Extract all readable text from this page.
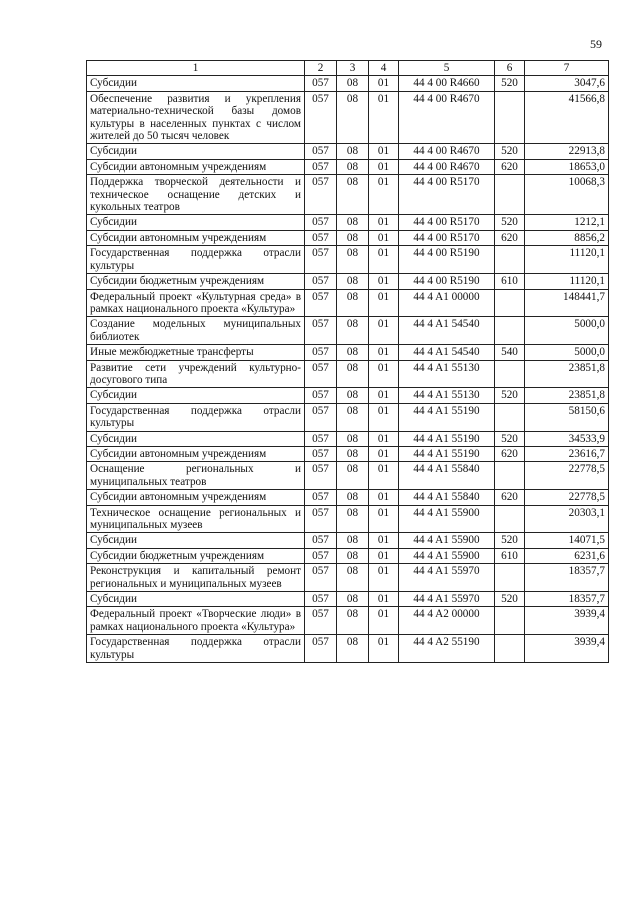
59
1	2	3	4	5	6	7
Субсидии	057	08	01	44 4 00 R4660	520	3047,6
Обеспечение развития и укрепления материально-технической базы домов культуры в населенных пунктах с числом жителей до 50 тысяч человек	057	08	01	44 4 00 R4670		41566,8
Субсидии	057	08	01	44 4 00 R4670	520	22913,8
Субсидии автономным учреждениям	057	08	01	44 4 00 R4670	620	18653,0
Поддержка творческой деятельности и техническое оснащение детских и кукольных театров	057	08	01	44 4 00 R5170		10068,3
Субсидии	057	08	01	44 4 00 R5170	520	1212,1
Субсидии автономным учреждениям	057	08	01	44 4 00 R5170	620	8856,2
Государственная поддержка отрасли культуры	057	08	01	44 4 00 R5190		11120,1
Субсидии бюджетным учреждениям	057	08	01	44 4 00 R5190	610	11120,1
Федеральный проект «Культурная среда» в рамках национального проекта «Культура»	057	08	01	44 4 A1 00000		148441,7
Создание модельных муниципальных библиотек	057	08	01	44 4 A1 54540		5000,0
Иные межбюджетные трансферты	057	08	01	44 4 A1 54540	540	5000,0
Развитие сети учреждений культурно-досугового типа	057	08	01	44 4 A1 55130		23851,8
Субсидии	057	08	01	44 4 A1 55130	520	23851,8
Государственная поддержка отрасли культуры	057	08	01	44 4 A1 55190		58150,6
Субсидии	057	08	01	44 4 A1 55190	520	34533,9
Субсидии автономным учреждениям	057	08	01	44 4 A1 55190	620	23616,7
Оснащение региональных и муниципальных театров	057	08	01	44 4 A1 55840		22778,5
Субсидии автономным учреждениям	057	08	01	44 4 A1 55840	620	22778,5
Техническое оснащение региональных и муниципальных музеев	057	08	01	44 4 A1 55900		20303,1
Субсидии	057	08	01	44 4 A1 55900	520	14071,5
Субсидии бюджетным учреждениям	057	08	01	44 4 A1 55900	610	6231,6
Реконструкция и капитальный ремонт региональных и муниципальных музеев	057	08	01	44 4 A1 55970		18357,7
Субсидии	057	08	01	44 4 A1 55970	520	18357,7
Федеральный проект «Творческие люди» в рамках национального проекта «Культура»	057	08	01	44 4 A2 00000		3939,4
Государственная поддержка отрасли культуры	057	08	01	44 4 A2 55190		3939,4
